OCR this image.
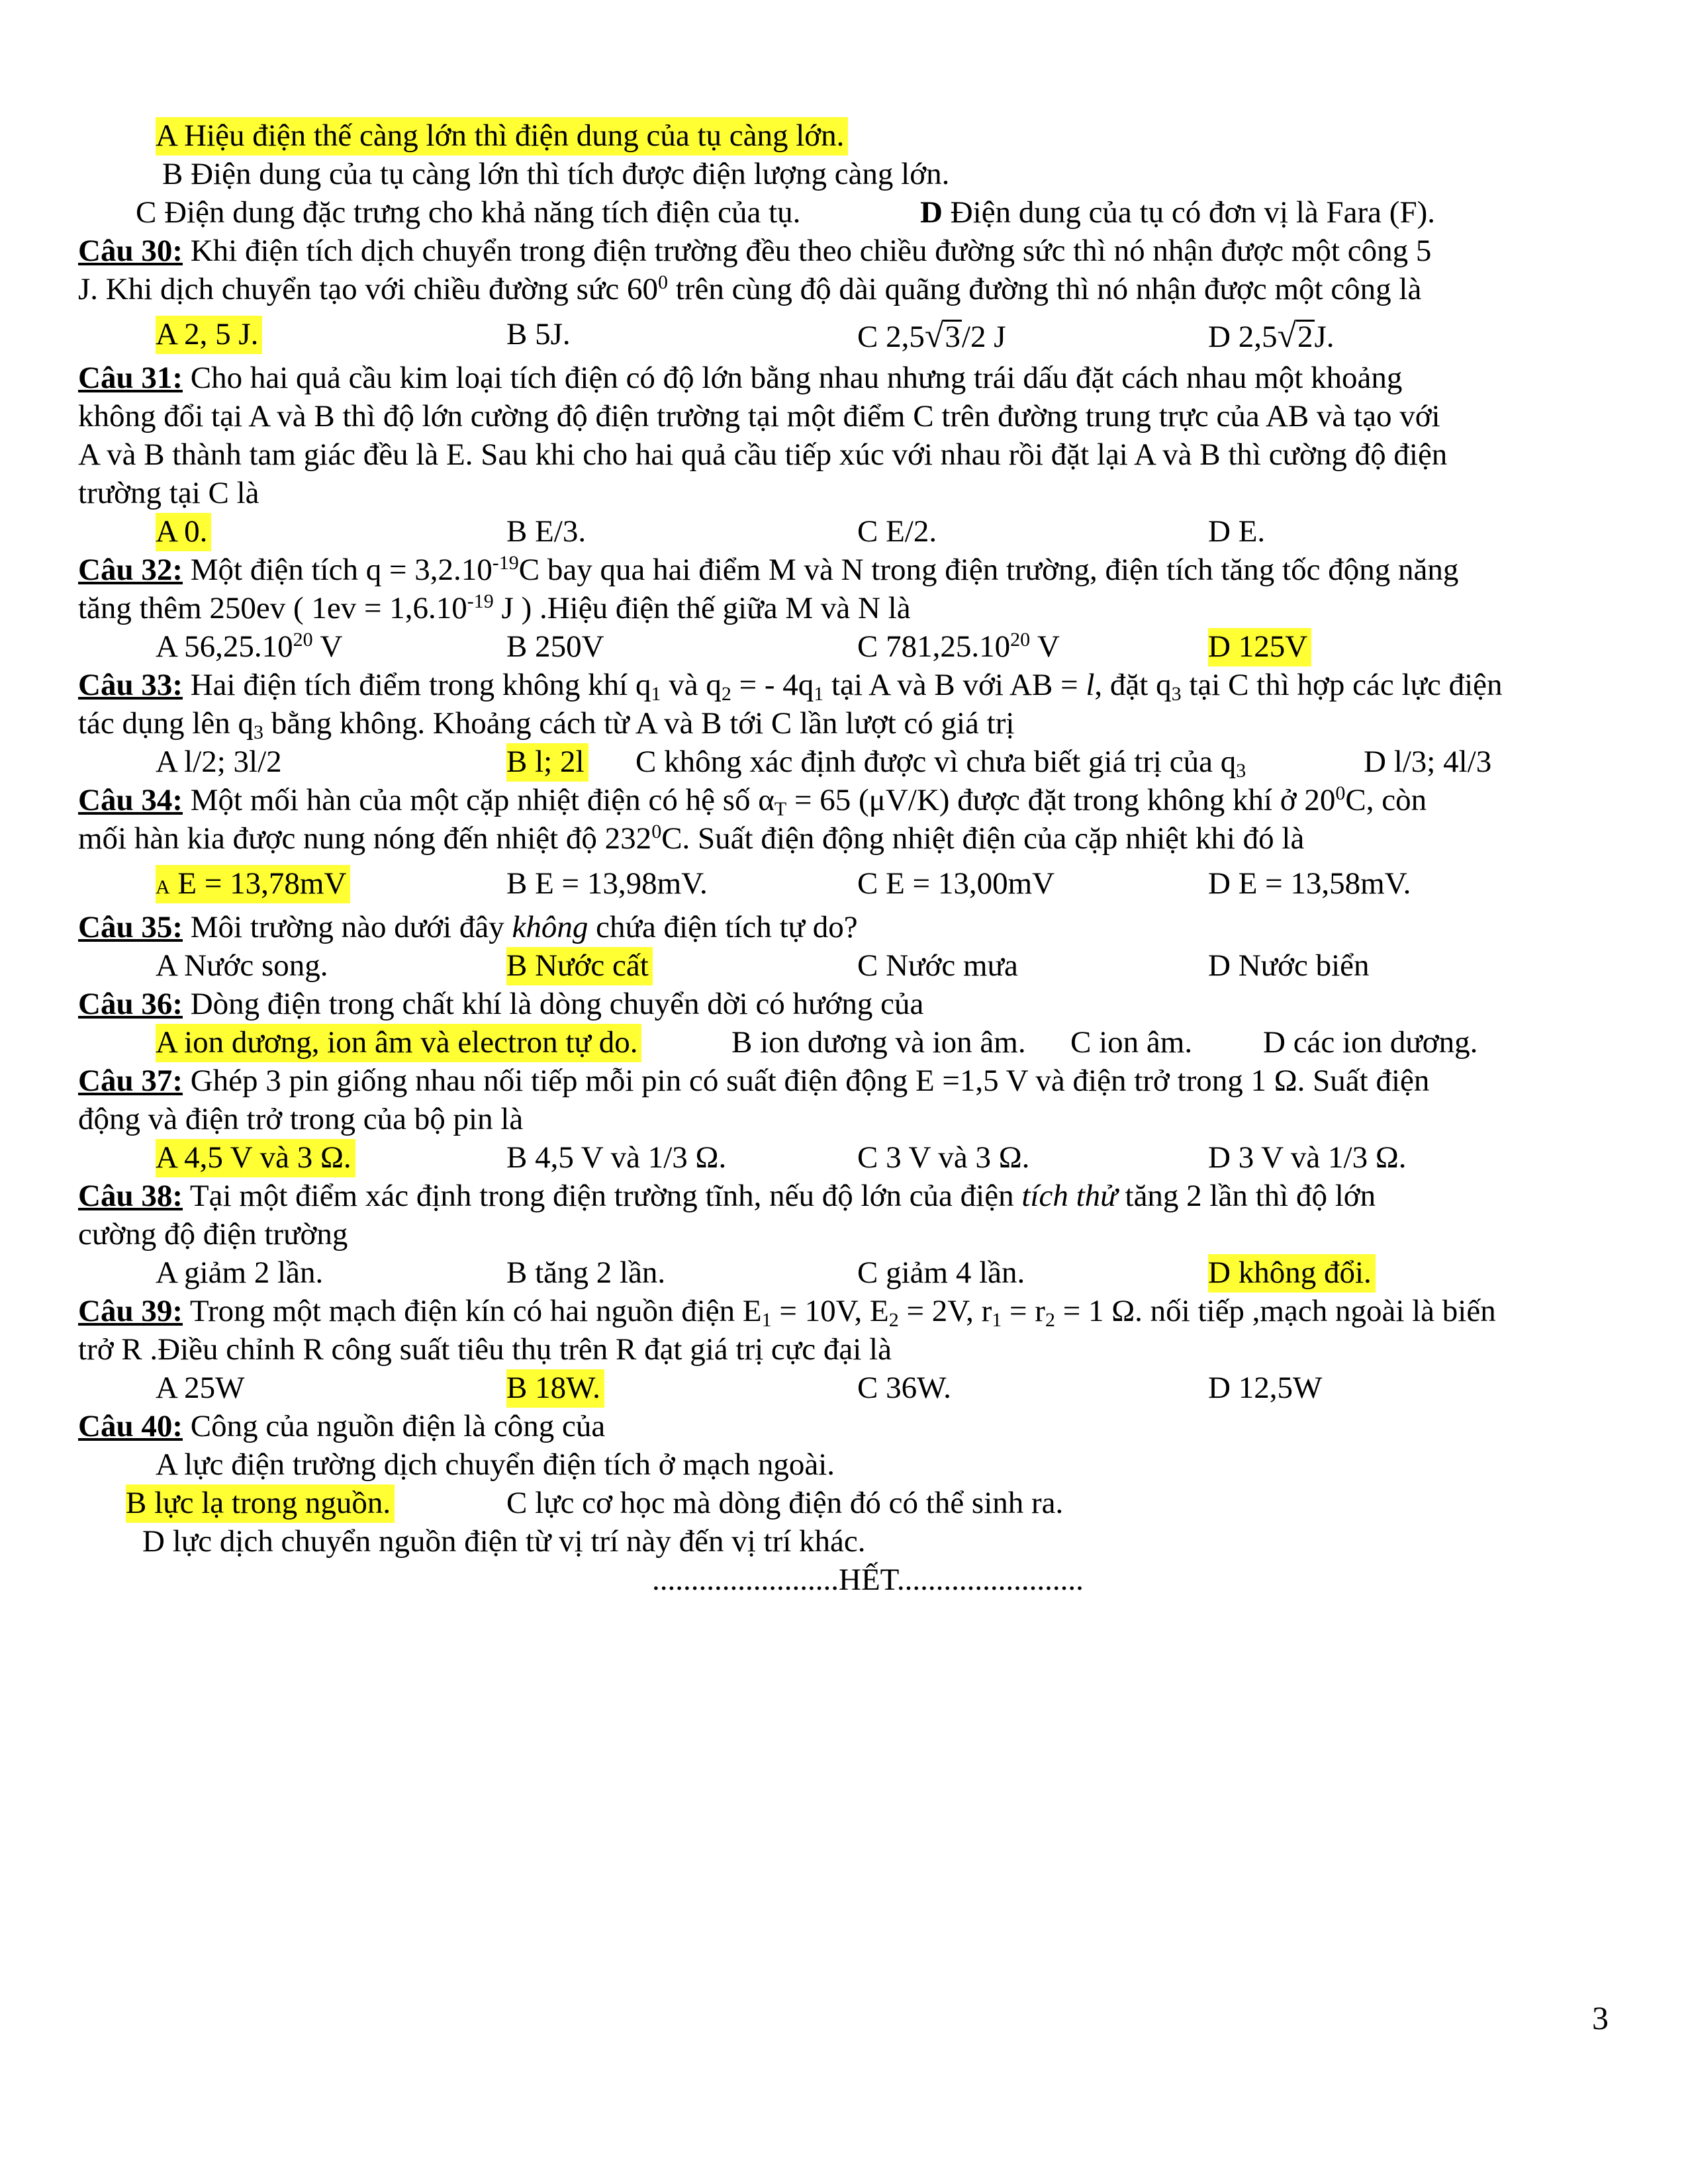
A Hiệu điện thế càng lớn thì điện dung của tụ càng lớn.
B Điện dung của tụ càng lớn thì tích được điện lượng càng lớn.
C Điện dung đặc trưng cho khả năng tích điện của tụ.	D Điện dung của tụ có đơn vị là Fara (F).
Câu 30: Khi điện tích dịch chuyển trong điện trường đều theo chiều đường sức thì nó nhận được một công 5
J. Khi dịch chuyển tạo với chiều đường sức $60^0$ trên cùng độ dài quãng đường thì nó nhận được một công là
A 2, 5 J.	B 5J.	C 2,5√3/2 J	D 2,5√2J.
Câu 31: Cho hai quả cầu kim loại tích điện có độ lớn bằng nhau nhưng trái dấu đặt cách nhau một khoảng
không đổi tại A và B thì độ lớn cường độ điện trường tại một điểm C trên đường trung trực của AB và tạo với
A và B thành tam giác đều là E. Sau khi cho hai quả cầu tiếp xúc với nhau rồi đặt lại A và B thì cường độ điện
trường tại C là
A 0.	B E/3.	C E/2.	D E.
Câu 32: Một điện tích $q = 3,2.10^{-19}C$ bay qua hai điểm M và N trong điện trường, điện tích tăng tốc động năng
tăng thêm 250ev ( $1ev = 1,6.10^{-19}$ J ) .Hiệu điện thế giữa M và N là
A 56,25.10$^{20}$ V	B 250V	C 781,25.10$^{20}$ V	D 125V
Câu 33: Hai điện tích điểm trong không khí $q_1$ và $q_2$ = - $4q_1$ tại A và B với AB = l, đặt $q_3$ tại C thì hợp các lực điện
tác dụng lên $q_3$ bằng không. Khoảng cách từ A và B tới C lần lượt có giá trị
A l/2; 3l/2	B l; 2l C không xác định được vì chưa biết giá trị của $q_3$	D l/3; 4l/3
Câu 34: Một mối hàn của một cặp nhiệt điện có hệ số $\alpha_T = 65$ (μV/K) được đặt trong không khí ở $20^0C$, còn
mối hàn kia được nung nóng đến nhiệt độ $232^0C$. Suất điện động nhiệt điện của cặp nhiệt khi đó là
A E = 13,78mV	B E = 13,98mV.	C E = 13,00mV	D E = 13,58mV.
Câu 35: Môi trường nào dưới đây không chứa điện tích tự do?
A Nước song.	B Nước cất	C Nước mưa	D Nước biển
Câu 36: Dòng điện trong chất khí là dòng chuyển dời có hướng của
A ion dương, ion âm và electron tự do.	B ion dương và ion âm. C ion âm. D các ion dương.
Câu 37: Ghép 3 pin giống nhau nối tiếp mỗi pin có suất điện động E =1,5 V và điện trở trong 1 Ω. Suất điện
động và điện trở trong của bộ pin là
A 4,5 V và 3 Ω.	B 4,5 V và 1/3 Ω.	C 3 V và 3 Ω.	D 3 V và 1/3 Ω.
Câu 38: Tại một điểm xác định trong điện trường tĩnh, nếu độ lớn của điện tích thử tăng 2 lần thì độ lớn
cường độ điện trường
A giảm 2 lần.	B tăng 2 lần.	C giảm 4 lần.	D không đổi.
Câu 39: Trong một mạch điện kín có hai nguồn điện $E_1 = 10V$, $E_2 = 2V$, $r_1 = r_2 = 1$ Ω. nối tiếp ,mạch ngoài là biến
trở R .Điều chỉnh R công suất tiêu thụ trên R đạt giá trị cực đại là
A 25W	B 18W.	C 36W.	D 12,5W
Câu 40: Công của nguồn điện là công của
A lực điện trường dịch chuyển điện tích ở mạch ngoài.
B lực lạ trong nguồn.	C lực cơ học mà dòng điện đó có thể sinh ra.
D lực dịch chuyển nguồn điện từ vị trí này đến vị trí khác.
........................HẾT........................
3
